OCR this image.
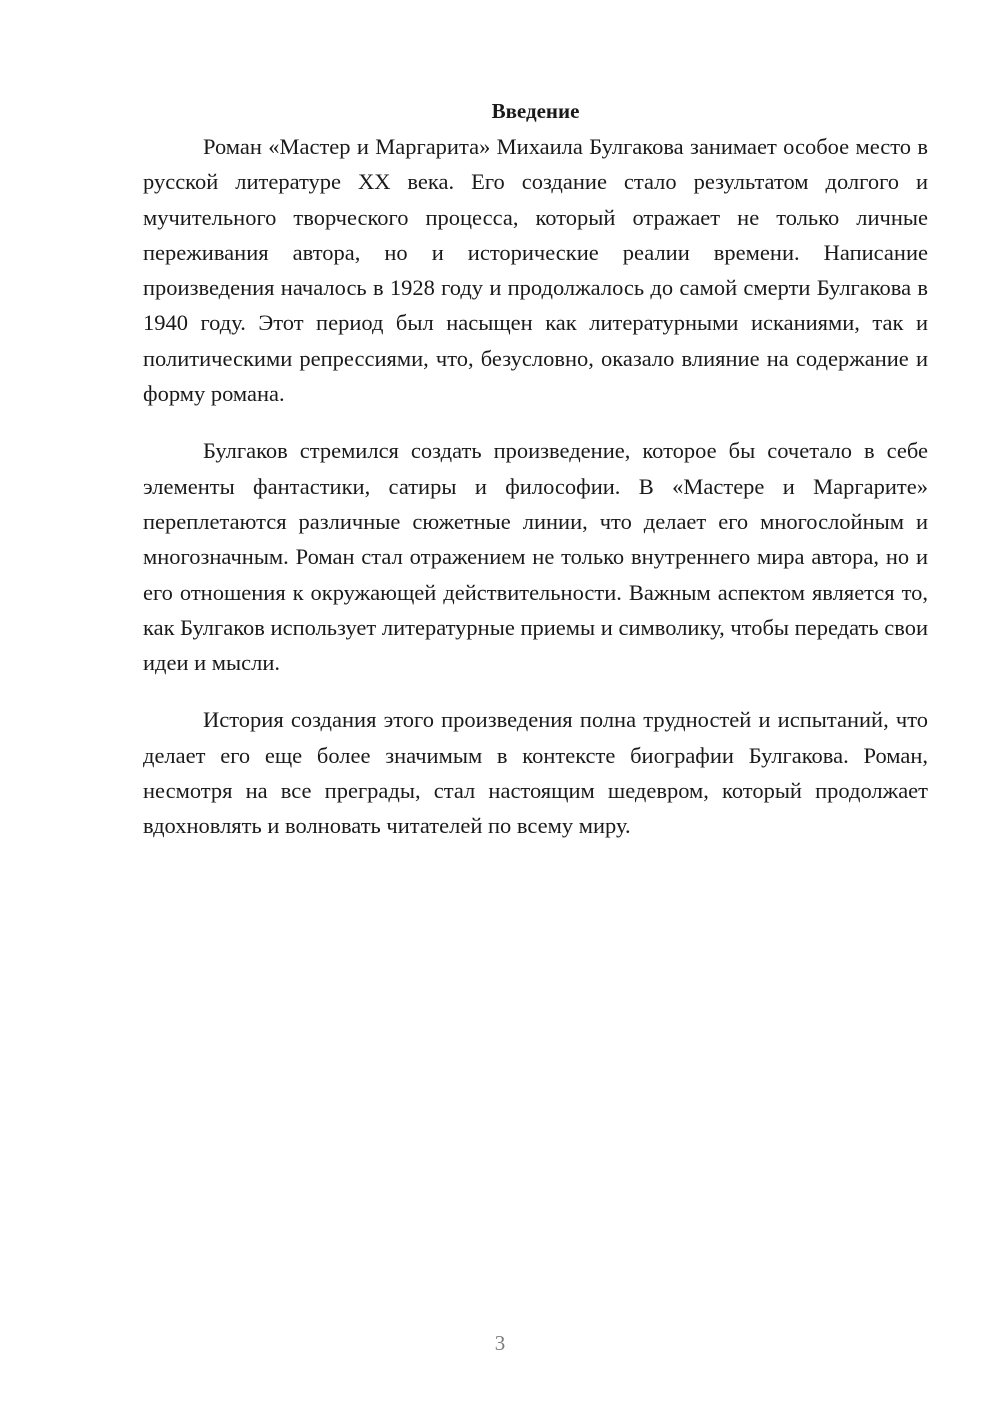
Введение

Роман «Мастер и Маргарита» Михаила Булгакова занимает особое место в русской литературе XX века. Его создание стало результатом долгого и мучительного творческого процесса, который отражает не только личные переживания автора, но и исторические реалии времени. Написание произведения началось в 1928 году и продолжалось до самой смерти Булгакова в 1940 году. Этот период был насыщен как литературными исканиями, так и политическими репрессиями, что, безусловно, оказало влияние на содержание и форму романа.

Булгаков стремился создать произведение, которое бы сочетало в себе элементы фантастики, сатиры и философии. В «Мастере и Маргарите» переплетаются различные сюжетные линии, что делает его многослойным и многозначным. Роман стал отражением не только внутреннего мира автора, но и его отношения к окружающей действительности. Важным аспектом является то, как Булгаков использует литературные приемы и символику, чтобы передать свои идеи и мысли.

История создания этого произведения полна трудностей и испытаний, что делает его еще более значимым в контексте биографии Булгакова. Роман, несмотря на все преграды, стал настоящим шедевром, который продолжает вдохновлять и волновать читателей по всему миру.

3
